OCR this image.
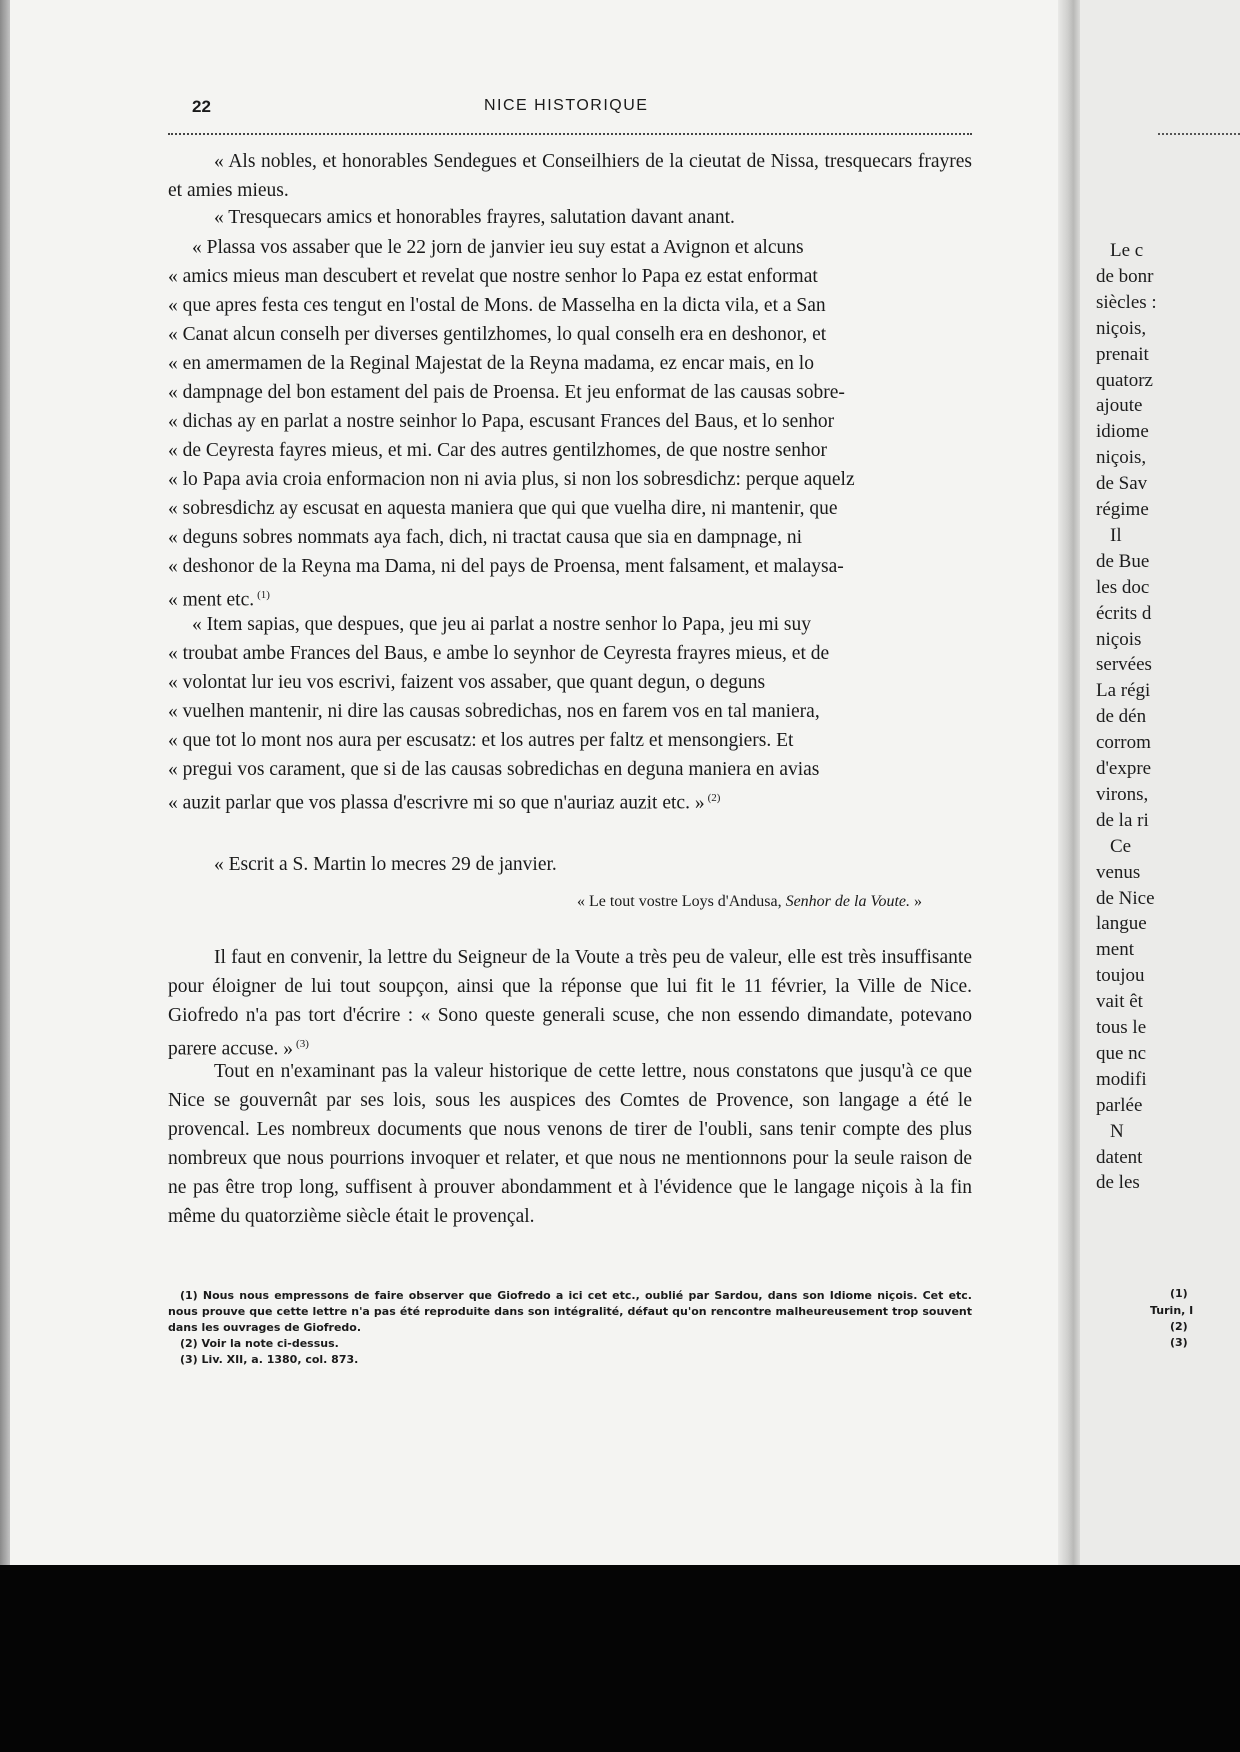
22	NICE HISTORIQUE
« Als nobles, et honorables Sendegues et Conseilhiers de la cieutat de Nissa, tresquecars frayres et amies mieus.
« Tresquecars amics et honorables frayres, salutation davant anant.
« Plassa vos assaber que le 22 jorn de janvier ieu suy estat a Avignon et alcuns
« amics mieus man descubert et revelat que nostre senhor lo Papa ez estat enformat
« que apres festa ces tengut en l'ostal de Mons. de Masselha en la dicta vila, et a San
« Canat alcun conselh per diverses gentilzhomes, lo qual conselh era en deshonor, et
« en amermamen de la Reginal Majestat de la Reyna madama, ez encar mais, en lo
« dampnage del bon estament del pais de Proensa. Et jeu enformat de las causas sobre-
« dichas ay en parlat a nostre seinhor lo Papa, escusant Frances del Baus, et lo senhor
« de Ceyresta fayres mieus, et mi. Car des autres gentilzhomes, de que nostre senhor
« lo Papa avia croia enformacion non ni avia plus, si non los sobresdichz: perque aquelz
« sobresdichz ay escusat en aquesta maniera que qui que vuelha dire, ni mantenir, que
« deguns sobres nommats aya fach, dich, ni tractat causa que sia en dampnage, ni
« deshonor de la Reyna ma Dama, ni del pays de Proensa, ment falsament, et malaysa-
« ment etc. $^{(1)}$
« Item sapias, que despues, que jeu ai parlat a nostre senhor lo Papa, jeu mi suy
« troubat ambe Frances del Baus, e ambe lo seynhor de Ceyresta frayres mieus, et de
« volontat lur ieu vos escrivi, faizent vos assaber, que quant degun, o deguns
« vuelhen mantenir, ni dire las causas sobredichas, nos en farem vos en tal maniera,
« que tot lo mont nos aura per escusatz: et los autres per faltz et mensongiers. Et
« pregui vos carament, que si de las causas sobredichas en deguna maniera en avias
« auzit parlar que vos plassa d'escrivre mi so que n'auriaz auzit etc. » $^{(2)}$
« Escrit a S. Martin lo mecres 29 de janvier.
« Le tout vostre Loys d'Andusa, Senhor de la Voute. »
Il faut en convenir, la lettre du Seigneur de la Voute a très peu de valeur, elle est très insuffisante pour éloigner de lui tout soupçon, ainsi que la réponse que lui fit le 11 février, la Ville de Nice. Giofredo n'a pas tort d'écrire : « Sono queste generali scuse, che non essendo dimandate, potevano parere accuse. » $^{(3)}$
Tout en n'examinant pas la valeur historique de cette lettre, nous constatons que jusqu'à ce que Nice se gouvernât par ses lois, sous les auspices des Comtes de Provence, son langage a été le provencal. Les nombreux documents que nous venons de tirer de l'oubli, sans tenir compte des plus nombreux que nous pourrions invoquer et relater, et que nous ne mentionnons pour la seule raison de ne pas être trop long, suffisent à prouver abondamment et à l'évidence que le langage niçois à la fin même du quatorzième siècle était le provençal.
(1) Nous nous empressons de faire observer que Giofredo a ici cet etc., oublié par Sardou, dans son Idiome niçois. Cet etc. nous prouve que cette lettre n'a pas été reproduite dans son intégralité, défaut qu'on rencontre malheureusement trop souvent dans les ouvrages de Giofredo.
(2) Voir la note ci-dessus.
(3) Liv. XII, a. 1380, col. 873.
Le c
de bonr
siècles :
niçois,
prenait
quatorz
ajoute
idiome
niçois,
de Sav
régime
Il
de Bue
les doc
écrits d
niçois
servées
La régi
de dén
corrom
d'expre
virons,
de la ri
Ce
venus
de Nice
langue
ment
toujou
vait êt
tous le
que nc
modifi
parlée
N
datent
de les
(1)
Turin, I
(2)
(3)
